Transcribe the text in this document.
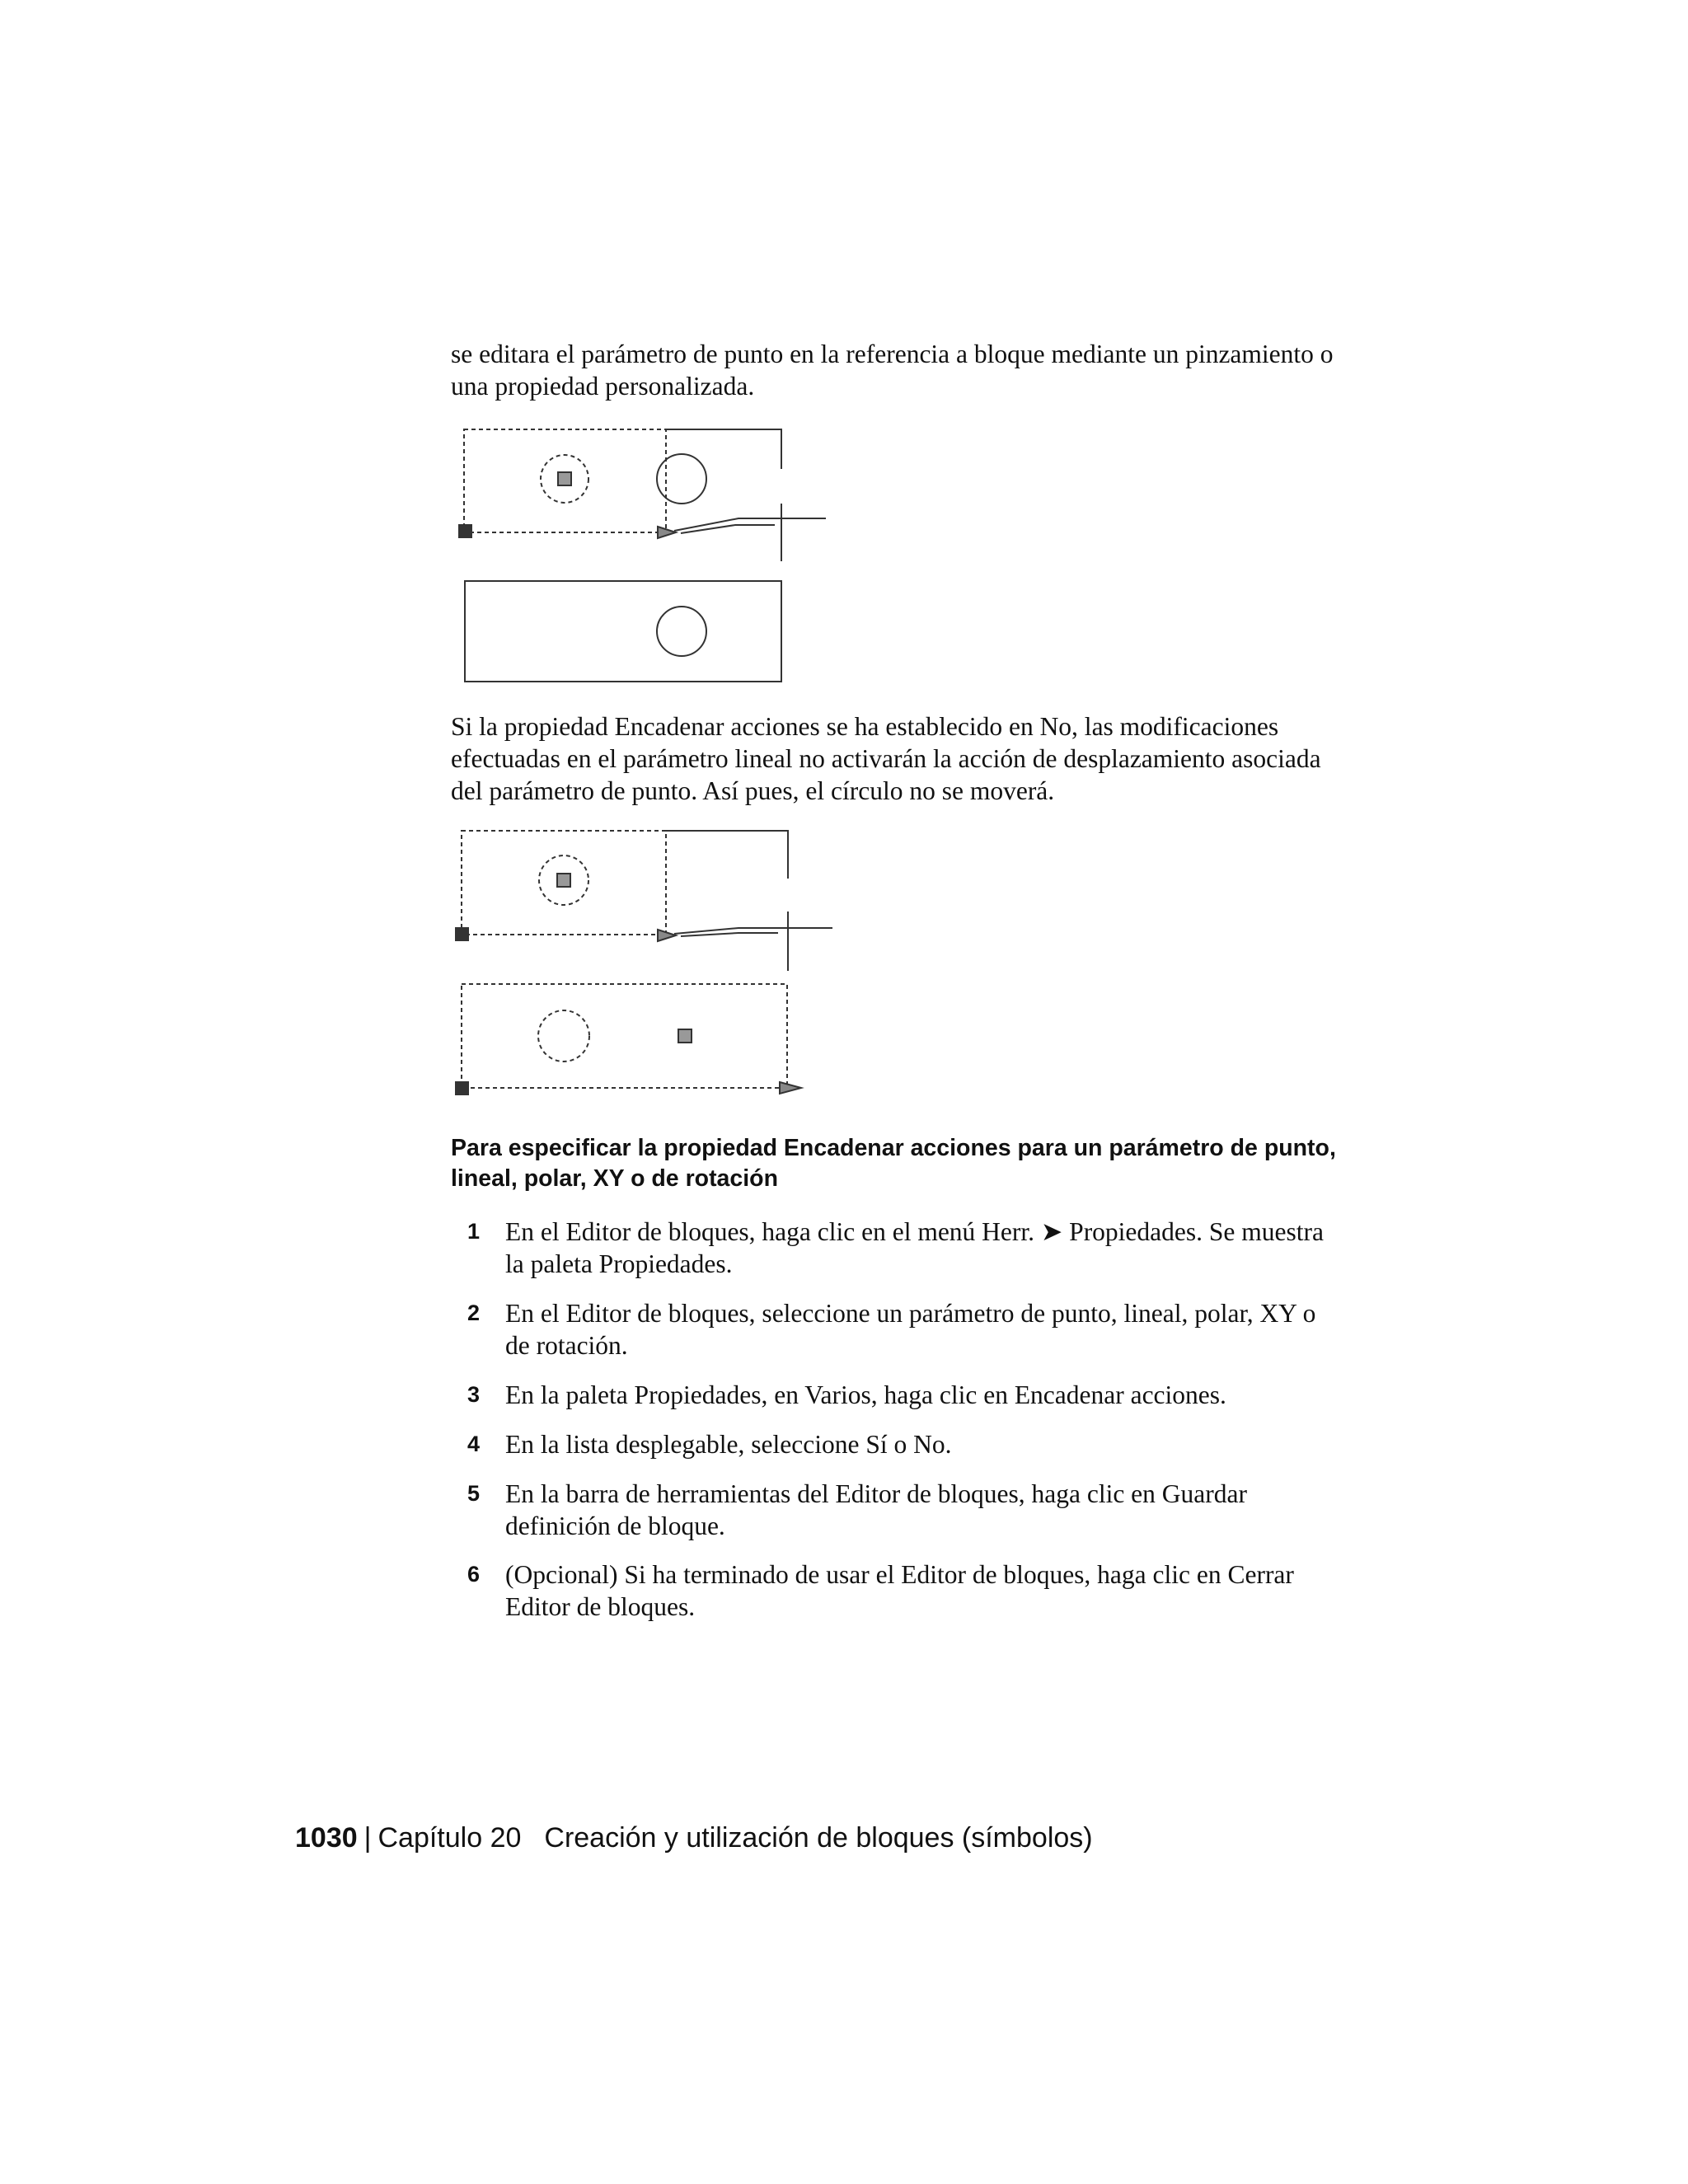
se editara el parámetro de punto en la referencia a bloque mediante un pinzamiento o una propiedad personalizada.

Si la propiedad Encadenar acciones se ha establecido en No, las modificaciones efectuadas en el parámetro lineal no activarán la acción de desplazamiento asociada del parámetro de punto. Así pues, el círculo no se moverá.

Para especificar la propiedad Encadenar acciones para un parámetro de punto, lineal, polar, XY o de rotación

1 En el Editor de bloques, haga clic en el menú Herr. ➤ Propiedades. Se muestra la paleta Propiedades.
2 En el Editor de bloques, seleccione un parámetro de punto, lineal, polar, XY o de rotación.
3 En la paleta Propiedades, en Varios, haga clic en Encadenar acciones.
4 En la lista desplegable, seleccione Sí o No.
5 En la barra de herramientas del Editor de bloques, haga clic en Guardar definición de bloque.
6 (Opcional) Si ha terminado de usar el Editor de bloques, haga clic en Cerrar Editor de bloques.
1030 | Capítulo 20 Creación y utilización de bloques (símbolos)
